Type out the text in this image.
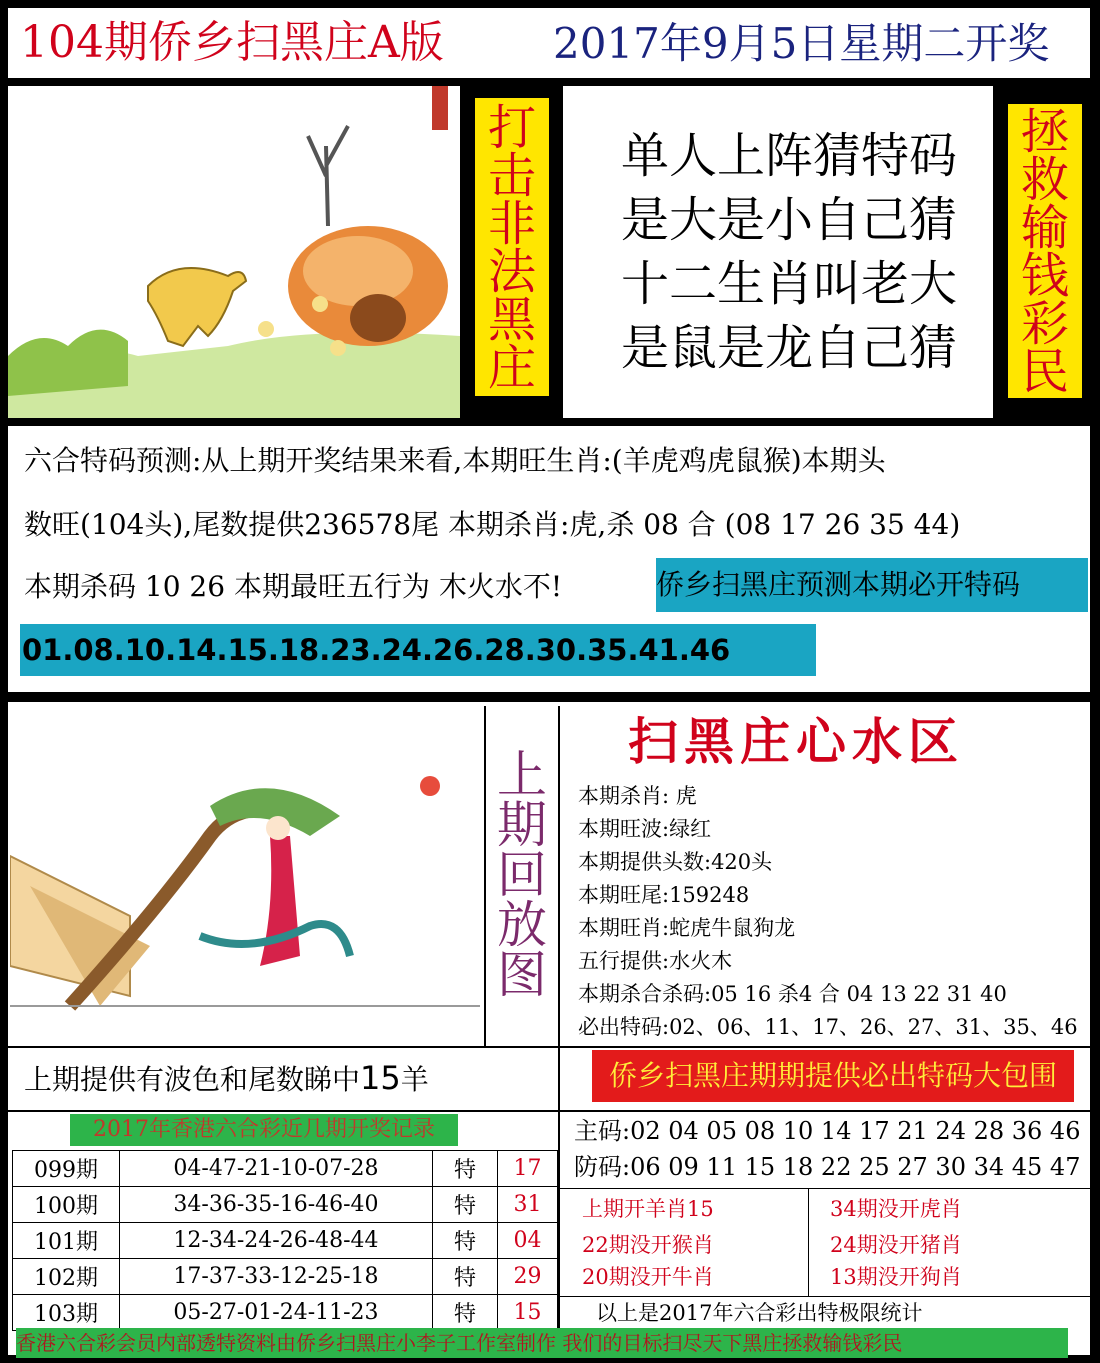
104期侨乡扫黑庄A版	2017年9月5日星期二开奖
打
击
非
法
黑
庄
单人上阵猜特码
是大是小自己猜
十二生肖叫老大
是鼠是龙自己猜
拯
救
输
钱
彩
民
六合特码预测:从上期开奖结果来看,本期旺生肖:(羊虎鸡虎鼠猴)本期头
数旺(104头),尾数提供236578尾 本期杀肖:虎,杀 08 合 (08 17 26 35 44)
本期杀码 10 26 本期最旺五行为 木火水不!	侨乡扫黑庄预测本期必开特码
01.08.10.14.15.18.23.24.26.28.30.35.41.46
上
期
回
放
图
扫黑庄心水区
本期杀肖: 虎
本期旺波:绿红
本期提供头数:420头
本期旺尾:159248
本期旺肖:蛇虎牛鼠狗龙
五行提供:水火木
本期杀合杀码:05 16 杀4 合 04 13 22 31 40
必出特码:02、06、11、17、26、27、31、35、46
上期提供有波色和尾数睇中15羊	侨乡扫黑庄期期提供必出特码大包围
2017年香港六合彩近几期开奖记录
099期	04-47-21-10-07-28	特	17
100期	34-36-35-16-46-40	特	31
101期	12-34-24-26-48-44	特	04
102期	17-37-33-12-25-18	特	29
103期	05-27-01-24-11-23	特	15
主码:02 04 05 08 10 14 17 21 24 28 36 46
防码:06 09 11 15 18 22 25 27 30 34 45 47
上期开羊肖15	34期没开虎肖
22期没开猴肖	24期没开猪肖
20期没开牛肖	13期没开狗肖
以上是2017年六合彩出特极限统计
香港六合彩会员内部透特资料由侨乡扫黑庄小李子工作室制作 我们的目标扫尽天下黑庄拯救输钱彩民
